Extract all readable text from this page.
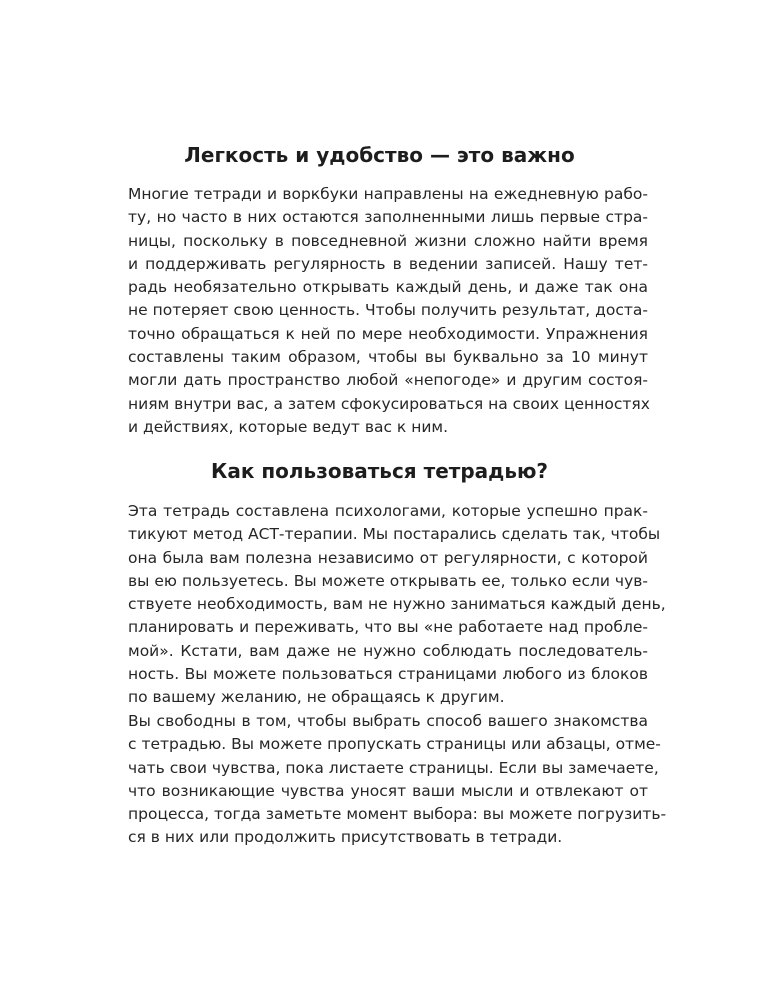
Легкость и удобство — это важно
Многие тетради и воркбуки направлены на ежедневную рабо-
ту, но часто в них остаются заполненными лишь первые стра-
ницы, поскольку в повседневной жизни сложно найти время
и поддерживать регулярность в ведении записей. Нашу тет-
радь необязательно открывать каждый день, и даже так она
не потеряет свою ценность. Чтобы получить результат, доста-
точно обращаться к ней по мере необходимости. Упражнения
составлены таким образом, чтобы вы буквально за 10 минут
могли дать пространство любой «непогоде» и другим состоя-
ниям внутри вас, а затем сфокусироваться на своих ценностях
и действиях, которые ведут вас к ним.
Как пользоваться тетрадью?
Эта тетрадь составлена психологами, которые успешно прак-
тикуют метод АСТ-терапии. Мы постарались сделать так, чтобы
она была вам полезна независимо от регулярности, с которой
вы ею пользуетесь. Вы можете открывать ее, только если чув-
ствуете необходимость, вам не нужно заниматься каждый день,
планировать и переживать, что вы «не работаете над пробле-
мой». Кстати, вам даже не нужно соблюдать последователь-
ность. Вы можете пользоваться страницами любого из блоков
по вашему желанию, не обращаясь к другим.
Вы свободны в том, чтобы выбрать способ вашего знакомства
с тетрадью. Вы можете пропускать страницы или абзацы, отме-
чать свои чувства, пока листаете страницы. Если вы замечаете,
что возникающие чувства уносят ваши мысли и отвлекают от
процесса, тогда заметьте момент выбора: вы можете погрузить-
ся в них или продолжить присутствовать в тетради.
